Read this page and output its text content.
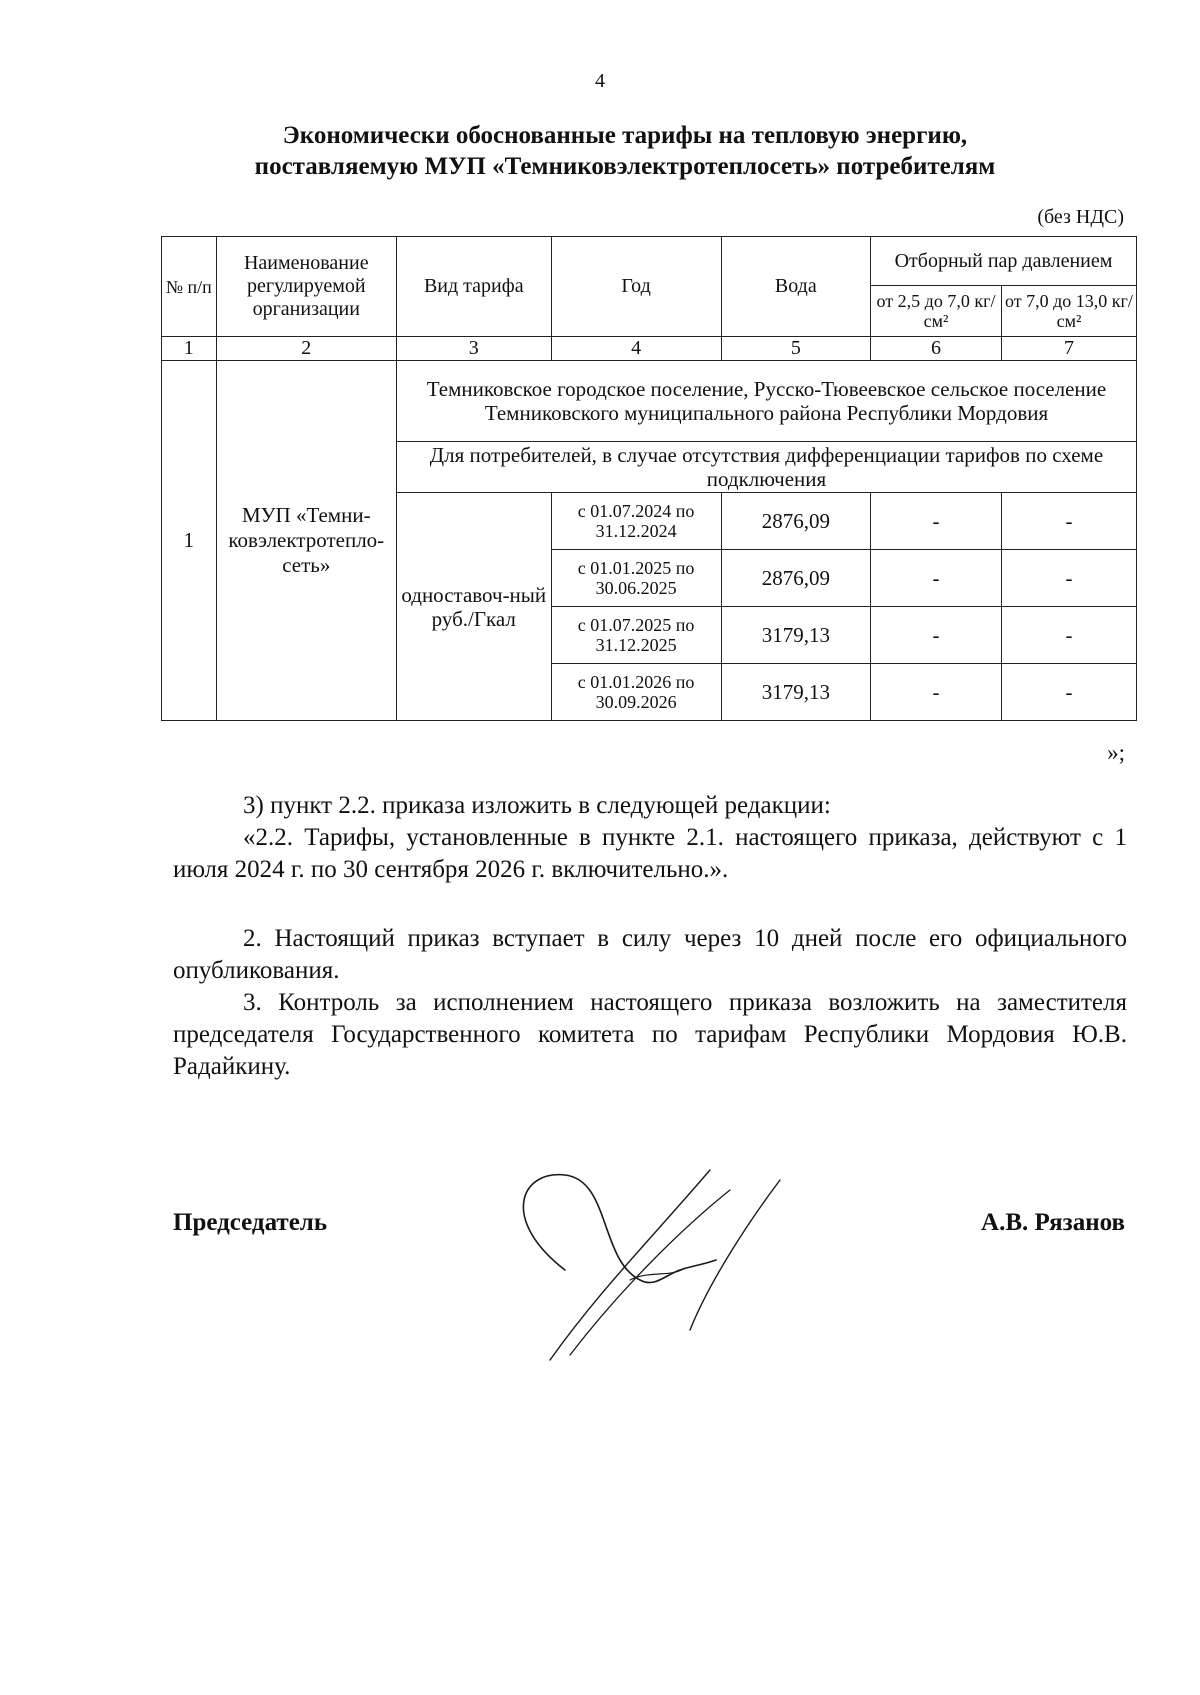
4
Экономически обоснованные тарифы на тепловую энергию,
поставляемую МУП «Темниковэлектротеплосеть» потребителям
(без НДС)
№ п/п	Наименование регулируемой организации	Вид тарифа	Год	Вода	Отборный пар давлением	
					от 2,5 до 7,0 кг/см²	от 7,0 до 13,0 кг/см²
1	2	3	4	5	6	7
1	МУП «Темни-ковэлектротепло-сеть»	Темниковское городское поселение, Русско-Тювеевское сельское поселение Темниковского муниципального района Республики Мордовия				
		Для потребителей, в случае отсутствия дифференциации тарифов по схеме подключения				
		одноставоч-ный руб./Гкал	с 01.07.2024 по 31.12.2024	2876,09	-	-
			с 01.01.2025 по 30.06.2025	2876,09	-	-
			с 01.07.2025 по 31.12.2025	3179,13	-	-
			с 01.01.2026 по 30.09.2026	3179,13	-	-
»;

3) пункт 2.2. приказа изложить в следующей редакции:

«2.2. Тарифы, установленные в пункте 2.1. настоящего приказа, действуют с 1 июля 2024 г. по 30 сентября 2026 г. включительно.».

2. Настоящий приказ вступает в силу через 10 дней после его официального опубликования.

3. Контроль за исполнением настоящего приказа возложить на заместителя председателя Государственного комитета по тарифам Республики Мордовия Ю.В. Радайкину.

Председатель	А.В. Рязанов
